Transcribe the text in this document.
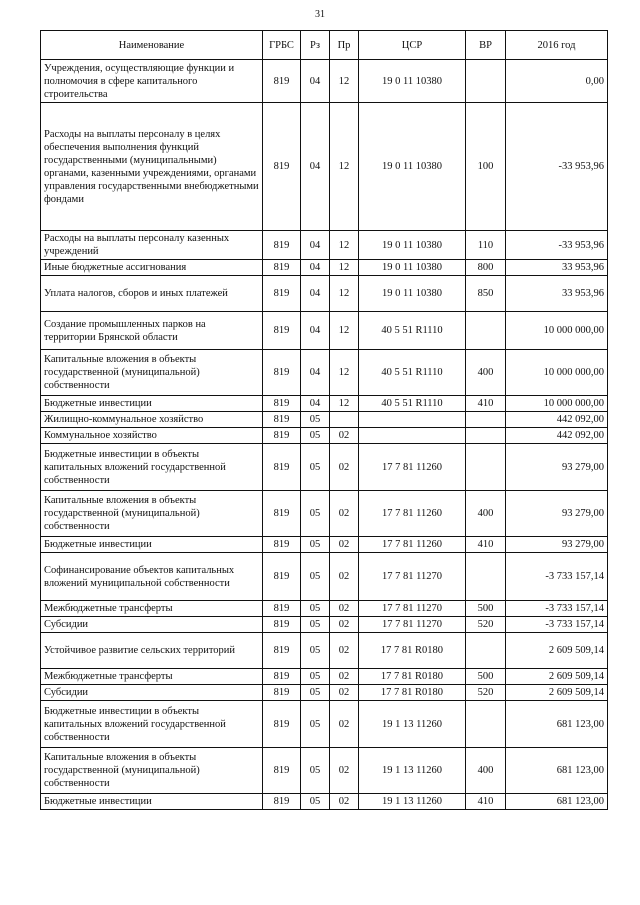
31
Наименование	ГРБС	Рз	Пр	ЦСР	ВР	2016 год
Учреждения, осуществляющие функции и полномочия в сфере капитального строительства	819	04	12	19 0 11 10380		0,00
Расходы на выплаты персоналу в целях обеспечения выполнения функций государственными (муниципальными) органами, казенными учреждениями, органами управления государственными внебюджетными фондами	819	04	12	19 0 11 10380	100	-33 953,96
Расходы на выплаты персоналу казенных учреждений	819	04	12	19 0 11 10380	110	-33 953,96
Иные бюджетные ассигнования	819	04	12	19 0 11 10380	800	33 953,96
Уплата налогов, сборов и иных платежей	819	04	12	19 0 11 10380	850	33 953,96
Создание промышленных парков на территории Брянской области	819	04	12	40 5 51 R1110		10 000 000,00
Капитальные вложения в объекты государственной (муниципальной) собственности	819	04	12	40 5 51 R1110	400	10 000 000,00
Бюджетные инвестиции	819	04	12	40 5 51 R1110	410	10 000 000,00
Жилищно-коммунальное хозяйство	819	05				442 092,00
Коммунальное хозяйство	819	05	02			442 092,00
Бюджетные инвестиции в объекты капитальных вложений государственной собственности	819	05	02	17 7 81 11260		93 279,00
Капитальные вложения в объекты государственной (муниципальной) собственности	819	05	02	17 7 81 11260	400	93 279,00
Бюджетные инвестиции	819	05	02	17 7 81 11260	410	93 279,00
Софинансирование объектов капитальных вложений муниципальной собственности	819	05	02	17 7 81 11270		-3 733 157,14
Межбюджетные трансферты	819	05	02	17 7 81 11270	500	-3 733 157,14
Субсидии	819	05	02	17 7 81 11270	520	-3 733 157,14
Устойчивое развитие сельских территорий	819	05	02	17 7 81 R0180		2 609 509,14
Межбюджетные трансферты	819	05	02	17 7 81 R0180	500	2 609 509,14
Субсидии	819	05	02	17 7 81 R0180	520	2 609 509,14
Бюджетные инвестиции в объекты капитальных вложений государственной собственности	819	05	02	19 1 13 11260		681 123,00
Капитальные вложения в объекты государственной (муниципальной) собственности	819	05	02	19 1 13 11260	400	681 123,00
Бюджетные инвестиции	819	05	02	19 1 13 11260	410	681 123,00
